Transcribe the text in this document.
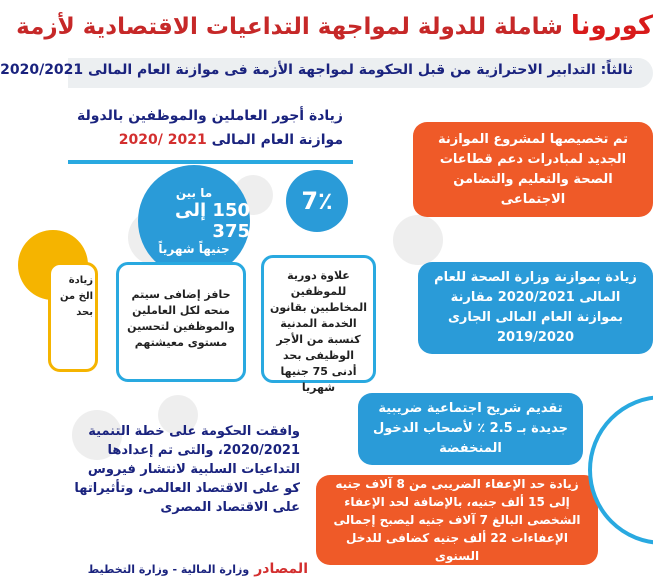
كورونا شاملة للدولة لمواجهة التداعيات الاقتصادية لأزمة
ثالثاً: التدابير الاحترازية من قبل الحكومة لمواجهة الأزمة فى موازنة العام المالى 2020/2021
زيادة أجور العاملين والموظفين بالدولة
موازنة العام المالى 2021 /2020
7٪
علاوة دورية للموظفين المخاطبين بقانون الخدمة المدنية كنسبة من الأجر الوظيفى بحد أدنى 75 جنيها شهريا
ما بين
150 إلى 375
جنيهاً شهرياً
حافز إضافى سيتم منحه لكل العاملين والموظفين لتحسين مستوى معيشتهم
زيادة الخ من بحد
تم تخصيصها لمشروع الموازنة الجديد لمبادرات دعم قطاعات الصحة والتعليم والتضامن الاجتماعى
زيادة بموازنة وزارة الصحة للعام المالى 2020/2021 مقارنة بموازنة العام المالى الجارى 2019/2020
تقديم شريح اجتماعية ضريبية جديدة بـ 2.5 ٪ لأصحاب الدخول المنخفضة
زيادة حد الإعفاء الضريبى من 8 آلاف جنيه إلى 15 ألف جنيه، بالإضافة لحد الإعفاء الشخصى البالغ 7 آلاف جنيه ليصبح إجمالى الإعفاءات 22 ألف جنيه كضافى للدخل السنوى
وافقت الحكومة على خطة التنمية 2020/2021، والتى تم إعدادها التداعيات السلبية لانتشار فيروس كو على الاقتصاد العالمى، وتأثيراتها على الاقتصاد المصرى
المصادر وزارة المالية - وزارة التخطيط
